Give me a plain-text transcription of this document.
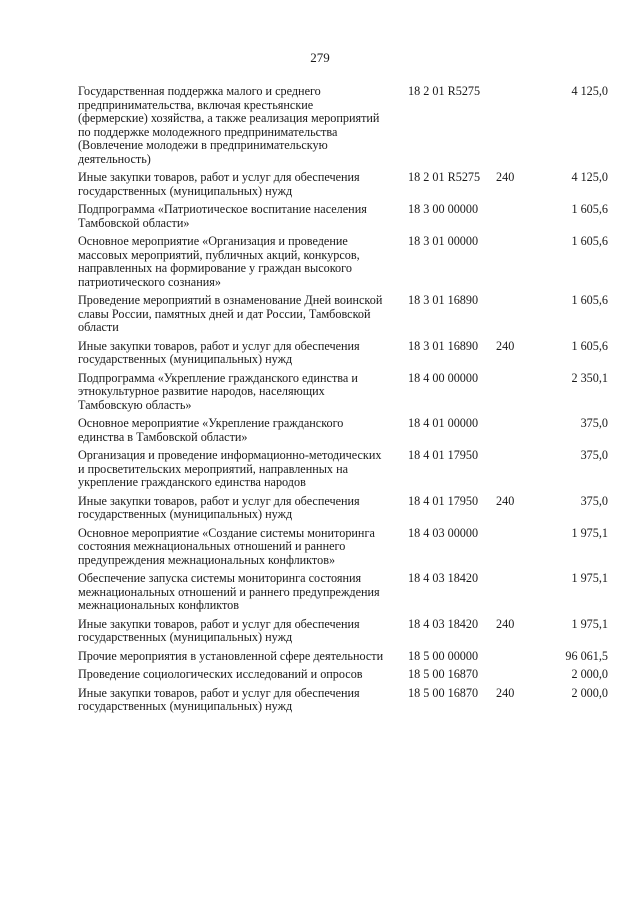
279
Государственная поддержка малого и среднего предпринимательства, включая крестьянские (фермерские) хозяйства, а также реализация мероприятий по поддержке молодежного предпринимательства (Вовлечение молодежи в предпринимательскую деятельность)
18 2 01 R5275	4 125,0
Иные закупки товаров, работ и услуг для обеспечения государственных (муниципальных) нужд
18 2 01 R5275 240	4 125,0
Подпрограмма «Патриотическое воспитание населения Тамбовской области»
18 3 00 00000	1 605,6
Основное мероприятие «Организация и проведение массовых мероприятий, публичных акций, конкурсов, направленных на формирование у граждан высокого патриотического сознания»
18 3 01 00000	1 605,6
Проведение мероприятий в ознаменование Дней воинской славы России, памятных дней и дат России, Тамбовской области
18 3 01 16890	1 605,6
Иные закупки товаров, работ и услуг для обеспечения государственных (муниципальных) нужд
18 3 01 16890 240	1 605,6
Подпрограмма «Укрепление гражданского единства и этнокультурное развитие народов, населяющих Тамбовскую область»
18 4 00 00000	2 350,1
Основное мероприятие «Укрепление гражданского единства в Тамбовской области»
18 4 01 00000	375,0
Организация и проведение информационно-методических и просветительских мероприятий, направленных на укрепление гражданского единства народов
18 4 01 17950	375,0
Иные закупки товаров, работ и услуг для обеспечения государственных (муниципальных) нужд
18 4 01 17950 240	375,0
Основное мероприятие «Создание системы мониторинга состояния межнациональных отношений и раннего предупреждения межнациональных конфликтов»
18 4 03 00000	1 975,1
Обеспечение запуска системы мониторинга состояния межнациональных отношений и раннего предупреждения межнациональных конфликтов
18 4 03 18420	1 975,1
Иные закупки товаров, работ и услуг для обеспечения государственных (муниципальных) нужд
18 4 03 18420 240	1 975,1
Прочие мероприятия в установленной сфере деятельности 18 5 00 00000	96 061,5
Проведение социологических исследований и опросов	18 5 00 16870	2 000,0
Иные закупки товаров, работ и услуг для обеспечения государственных (муниципальных) нужд
18 5 00 16870 240	2 000,0
